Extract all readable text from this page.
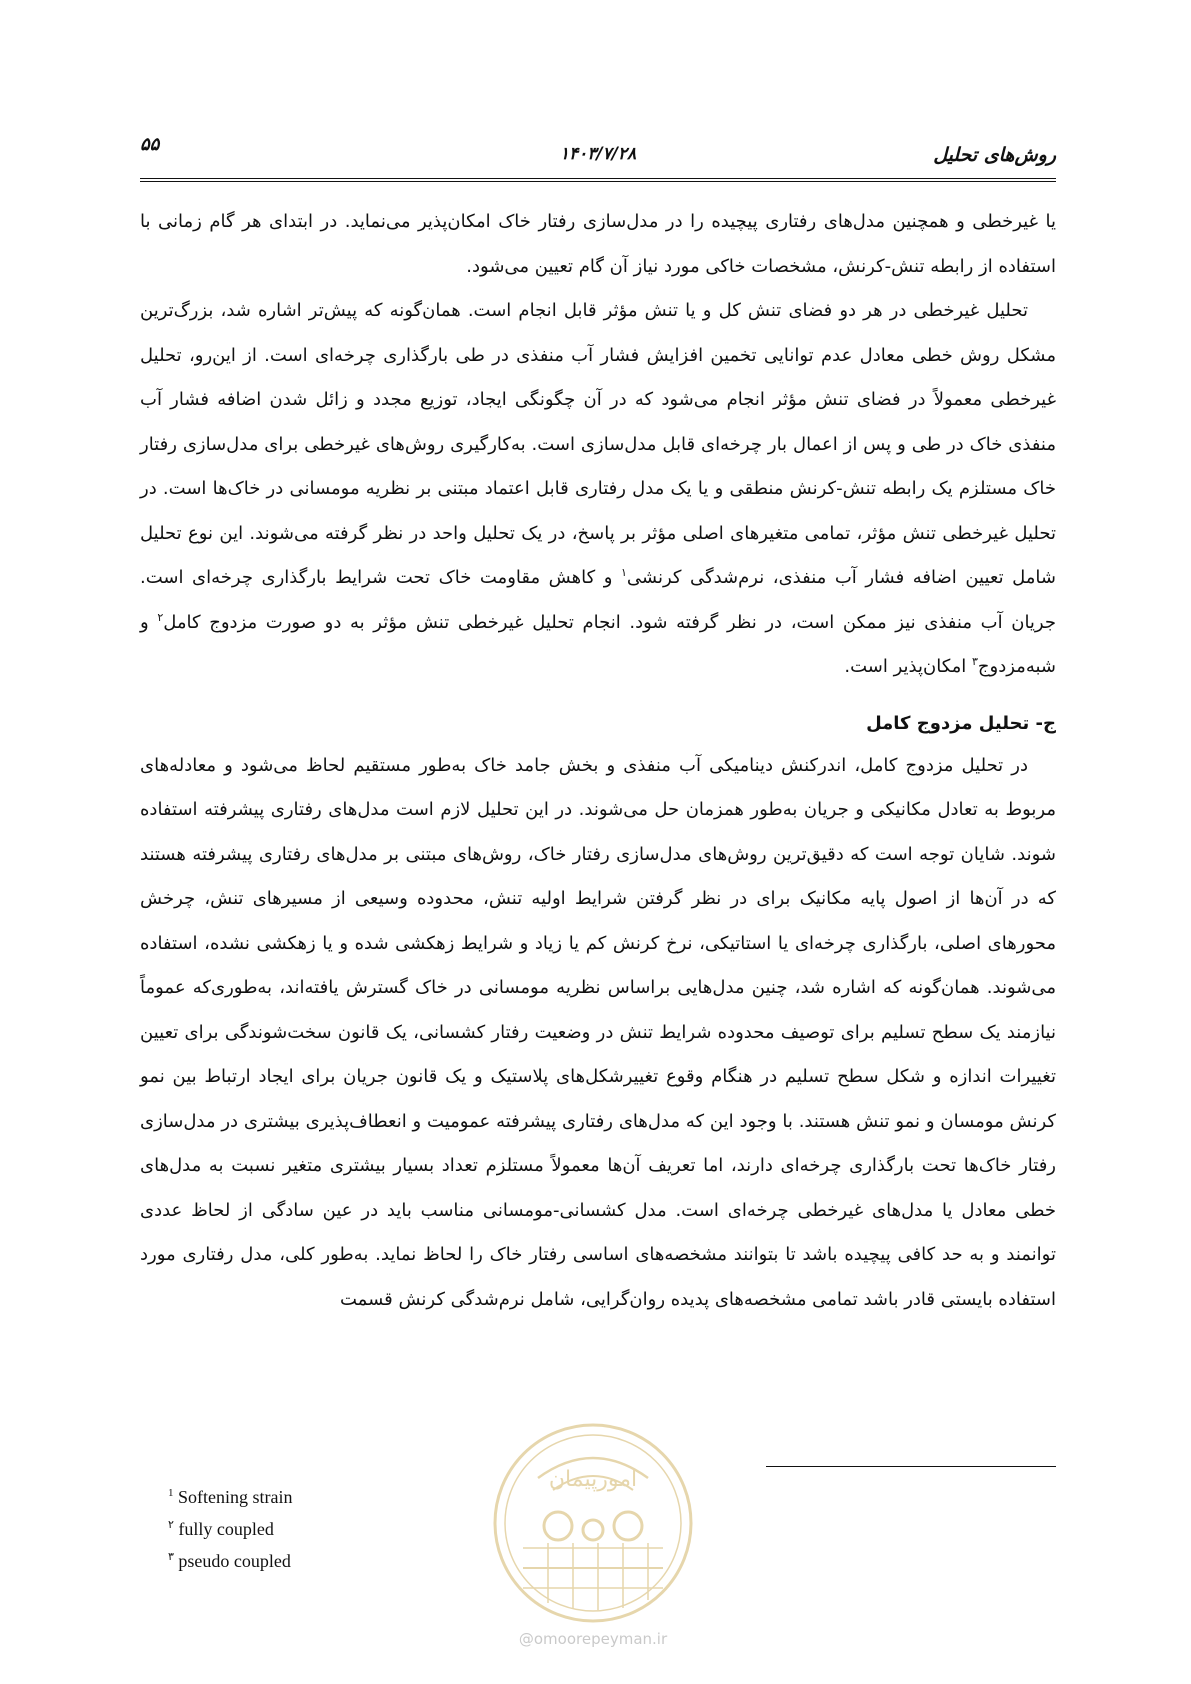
روش‌های تحلیل
۱۴۰۳/۷/۲۸
۵۵

یا غیرخطی و همچنین مدل‌های رفتاری پیچیده را در مدل‌سازی رفتار خاک امکان‌پذیر می‌نماید. در ابتدای هر گام زمانی با استفاده از رابطه تنش-کرنش، مشخصات خاکی مورد نیاز آن گام تعیین می‌شود.

تحلیل غیرخطی در هر دو فضای تنش کل و یا تنش مؤثر قابل انجام است. همان‌گونه که پیش‌تر اشاره شد، بزرگ‌ترین مشکل روش خطی معادل عدم توانایی تخمین افزایش فشار آب منفذی در طی بارگذاری چرخه‌ای است. از این‌رو، تحلیل غیرخطی معمولاً در فضای تنش مؤثر انجام می‌شود که در آن چگونگی ایجاد، توزیع مجدد و زائل شدن اضافه فشار آب منفذی خاک در طی و پس از اعمال بار چرخه‌ای قابل مدل‌سازی است. به‌کارگیری روش‌های غیرخطی برای مدل‌سازی رفتار خاک مستلزم یک رابطه تنش-کرنش منطقی و یا یک مدل رفتاری قابل اعتماد مبتنی بر نظریه مومسانی در خاک‌ها است. در تحلیل غیرخطی تنش مؤثر، تمامی متغیرهای اصلی مؤثر بر پاسخ، در یک تحلیل واحد در نظر گرفته می‌شوند. این نوع تحلیل شامل تعیین اضافه فشار آب منفذی، نرم‌شدگی کرنشی$^۱$ و کاهش مقاومت خاک تحت شرایط بارگذاری چرخه‌ای است. جریان آب منفذی نیز ممکن است، در نظر گرفته شود. انجام تحلیل غیرخطی تنش مؤثر به دو صورت مزدوج کامل$^۲$ و شبه‌مزدوج$^۳$ امکان‌پذیر است.

ج- تحلیل مزدوج کامل

در تحلیل مزدوج کامل، اندرکنش دینامیکی آب منفذی و بخش جامد خاک به‌طور مستقیم لحاظ می‌شود و معادله‌های مربوط به تعادل مکانیکی و جریان به‌طور همزمان حل می‌شوند. در این تحلیل لازم است مدل‌های رفتاری پیشرفته استفاده شوند. شایان توجه است که دقیق‌ترین روش‌های مدل‌سازی رفتار خاک، روش‌های مبتنی بر مدل‌های رفتاری پیشرفته هستند که در آن‌ها از اصول پایه مکانیک برای در نظر گرفتن شرایط اولیه تنش، محدوده وسیعی از مسیرهای تنش، چرخش محورهای اصلی، بارگذاری چرخه‌ای یا استاتیکی، نرخ کرنش کم یا زیاد و شرایط زهکشی شده و یا زهکشی نشده، استفاده می‌شوند. همان‌گونه که اشاره شد، چنین مدل‌هایی براساس نظریه مومسانی در خاک گسترش یافته‌اند، به‌طوری‌که عموماً نیازمند یک سطح تسلیم برای توصیف محدوده شرایط تنش در وضعیت رفتار کشسانی، یک قانون سخت‌شوندگی برای تعیین تغییرات اندازه و شکل سطح تسلیم در هنگام وقوع تغییرشکل‌های پلاستیک و یک قانون جریان برای ایجاد ارتباط بین نمو کرنش مومسان و نمو تنش هستند. با وجود این که مدل‌های رفتاری پیشرفته عمومیت و انعطاف‌پذیری بیشتری در مدل‌سازی رفتار خاک‌ها تحت بارگذاری چرخه‌ای دارند، اما تعریف آن‌ها معمولاً مستلزم تعداد بسیار بیشتری متغیر نسبت به مدل‌های خطی معادل یا مدل‌های غیرخطی چرخه‌ای است. مدل کشسانی-مومسانی مناسب باید در عین سادگی از لحاظ عددی توانمند و به حد کافی پیچیده باشد تا بتوانند مشخصه‌های اساسی رفتار خاک را لحاظ نماید. به‌طور کلی، مدل رفتاری مورد استفاده بایستی قادر باشد تمامی مشخصه‌های پدیده روان‌گرایی، شامل نرم‌شدگی کرنش قسمت

$^1$ Softening strain
$^۲$ fully coupled
$^۳$ pseudo coupled
امورپیمان
@omoorepeyman.ir
